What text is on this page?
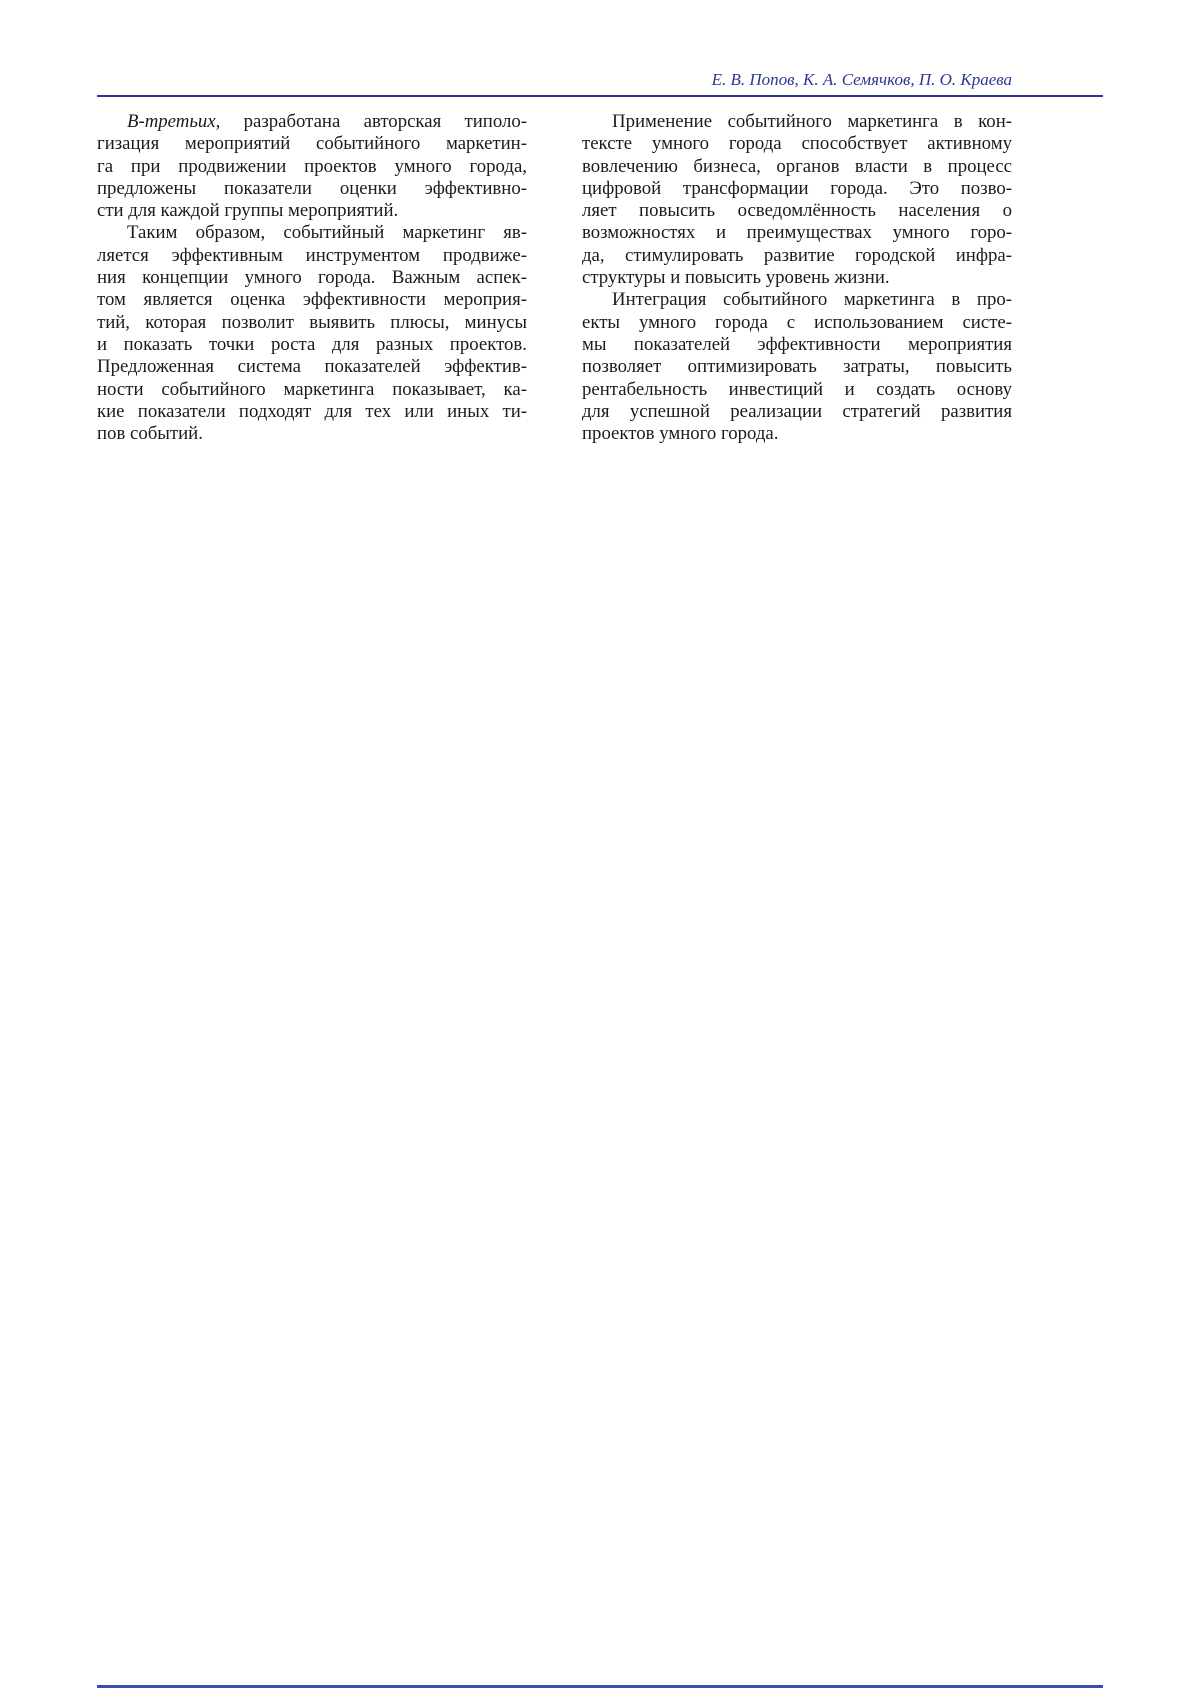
Е. В. Попов, К. А. Семячков, П. О. Краева

В-третьих, разработана авторская типоло-
гизация мероприятий событийного маркетин-
га при продвижении проектов умного города,
предложены показатели оценки эффективно-
сти для каждой группы мероприятий.

Таким образом, событийный маркетинг яв-
ляется эффективным инструментом продвиже-
ния концепции умного города. Важным аспек-
том является оценка эффективности мероприя-
тий, которая позволит выявить плюсы, минусы
и показать точки роста для разных проектов.
Предложенная система показателей эффектив-
ности событийного маркетинга показывает, ка-
кие показатели подходят для тех или иных ти-
пов событий.

Применение событийного маркетинга в кон-
тексте умного города способствует активному
вовлечению бизнеса, органов власти в процесс
цифровой трансформации города. Это позво-
ляет повысить осведомлённость населения о
возможностях и преимуществах умного горо-
да, стимулировать развитие городской инфра-
структуры и повысить уровень жизни.

Интеграция событийного маркетинга в про-
екты умного города с использованием систе-
мы показателей эффективности мероприятия
позволяет оптимизировать затраты, повысить
рентабельность инвестиций и создать основу
для успешной реализации стратегий развития
проектов умного города.
